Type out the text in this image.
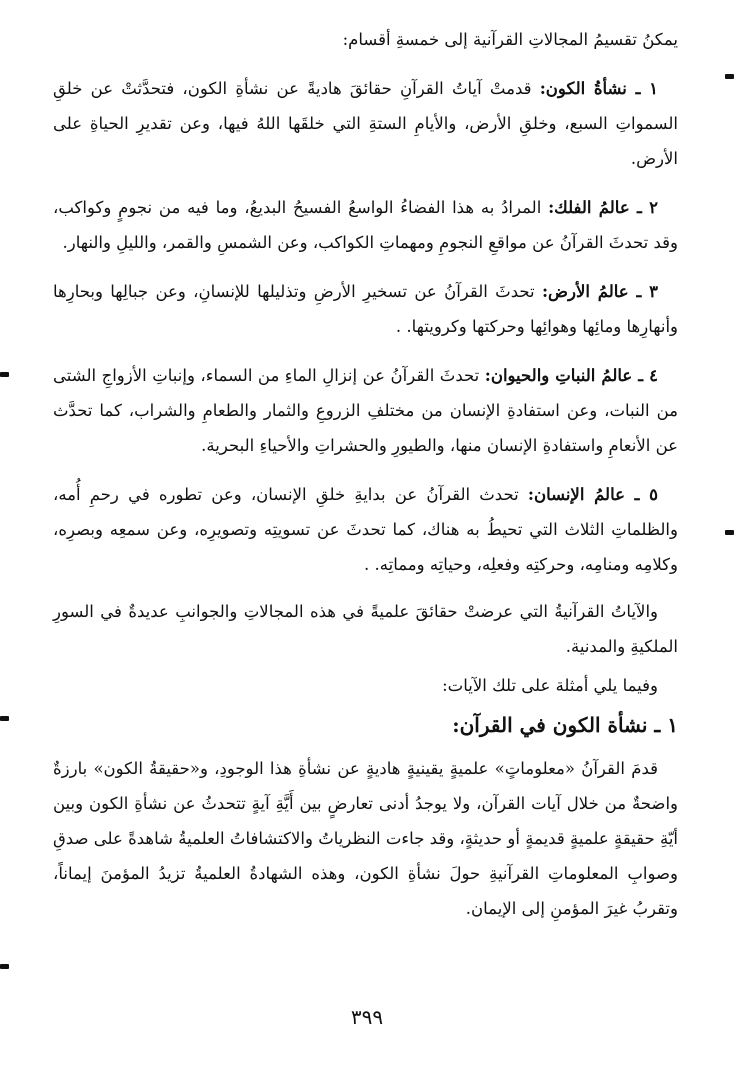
يمكنُ تقسيمُ المجالاتِ القرآنية إلى خمسةِ أقسام:

١ ـ نشأةُ الكون: قدمتْ آياتُ القرآنِ حقائقَ هاديةً عن نشأةِ الكون، فتحدَّثتْ عن خلقِ السمواتِ السبع، وخلقِ الأرض، والأيامِ الستةِ التي خلقَها اللهُ فيها، وعن تقديرِ الحياةِ على الأرض.

٢ ـ عالمُ الفلك: المرادُ به هذا الفضاءُ الواسعُ الفسيحُ البديعُ، وما فيه من نجومٍ وكواكب، وقد تحدثَ القرآنُ عن مواقعِ النجومِ ومهماتِ الكواكب، وعن الشمسِ والقمر، والليلِ والنهار.

٣ ـ عالمُ الأرض: تحدثَ القرآنُ عن تسخيرِ الأرضِ وتذليلها للإنسانِ، وعن جبالِها وبحارِها وأنهارِها ومائِها وهوائِها وحركتها وكرويتها. .

٤ ـ عالمُ النباتِ والحيوان: تحدثَ القرآنُ عن إنزالِ الماءِ من السماء، وإنباتِ الأزواجِ الشتى من النبات، وعن استفادةِ الإنسان من مختلفِ الزروعِ والثمار والطعامِ والشراب، كما تحدَّث عن الأنعامِ واستفادةِ الإنسان منها، والطيورِ والحشراتِ والأحياءِ البحرية.

٥ ـ عالمُ الإنسان: تحدث القرآنُ عن بدايةِ خلقِ الإنسان، وعن تطوره في رحمِ أُمه، والظلماتِ الثلاث التي تحيطُ به هناك، كما تحدثَ عن تسويتِه وتصويرِه، وعن سمعِه وبصرِه، وكلامِه ومنامِه، وحركتِه وفعلِه، وحياتِه ومماتِه. .

والآياتُ القرآنيةُ التي عرضتْ حقائقَ علميةً في هذه المجالاتِ والجوانبِ عديدةٌ في السورِ الملكيةِ والمدنية.

وفيما يلي أمثلة على تلك الآيات:

١ ـ نشأة الكون في القرآن:

قدمَ القرآنُ «معلوماتٍ» علميةٍ يقينيةٍ هاديةٍ عن نشأةِ هذا الوجودِ، و«حقيقةُ الكون» بارزةٌ واضحةٌ من خلال آيات القرآن، ولا يوجدُ أدنى تعارضٍ بين أَيَّةِ آيةٍ تتحدثُ عن نشأةِ الكون وبين أيّةِ حقيقةٍ علميةٍ قديمةٍ أو حديثةٍ، وقد جاءت النظرياتُ والاكتشافاتُ العلميةُ شاهدةً على صدقِ وصوابِ المعلوماتِ القرآنيةِ حولَ نشأةِ الكون، وهذه الشهادةُ العلميةُ تزيدُ المؤمنَ إيماناً، وتقربُ غيرَ المؤمنِ إلى الإيمان.

٣٩٩
